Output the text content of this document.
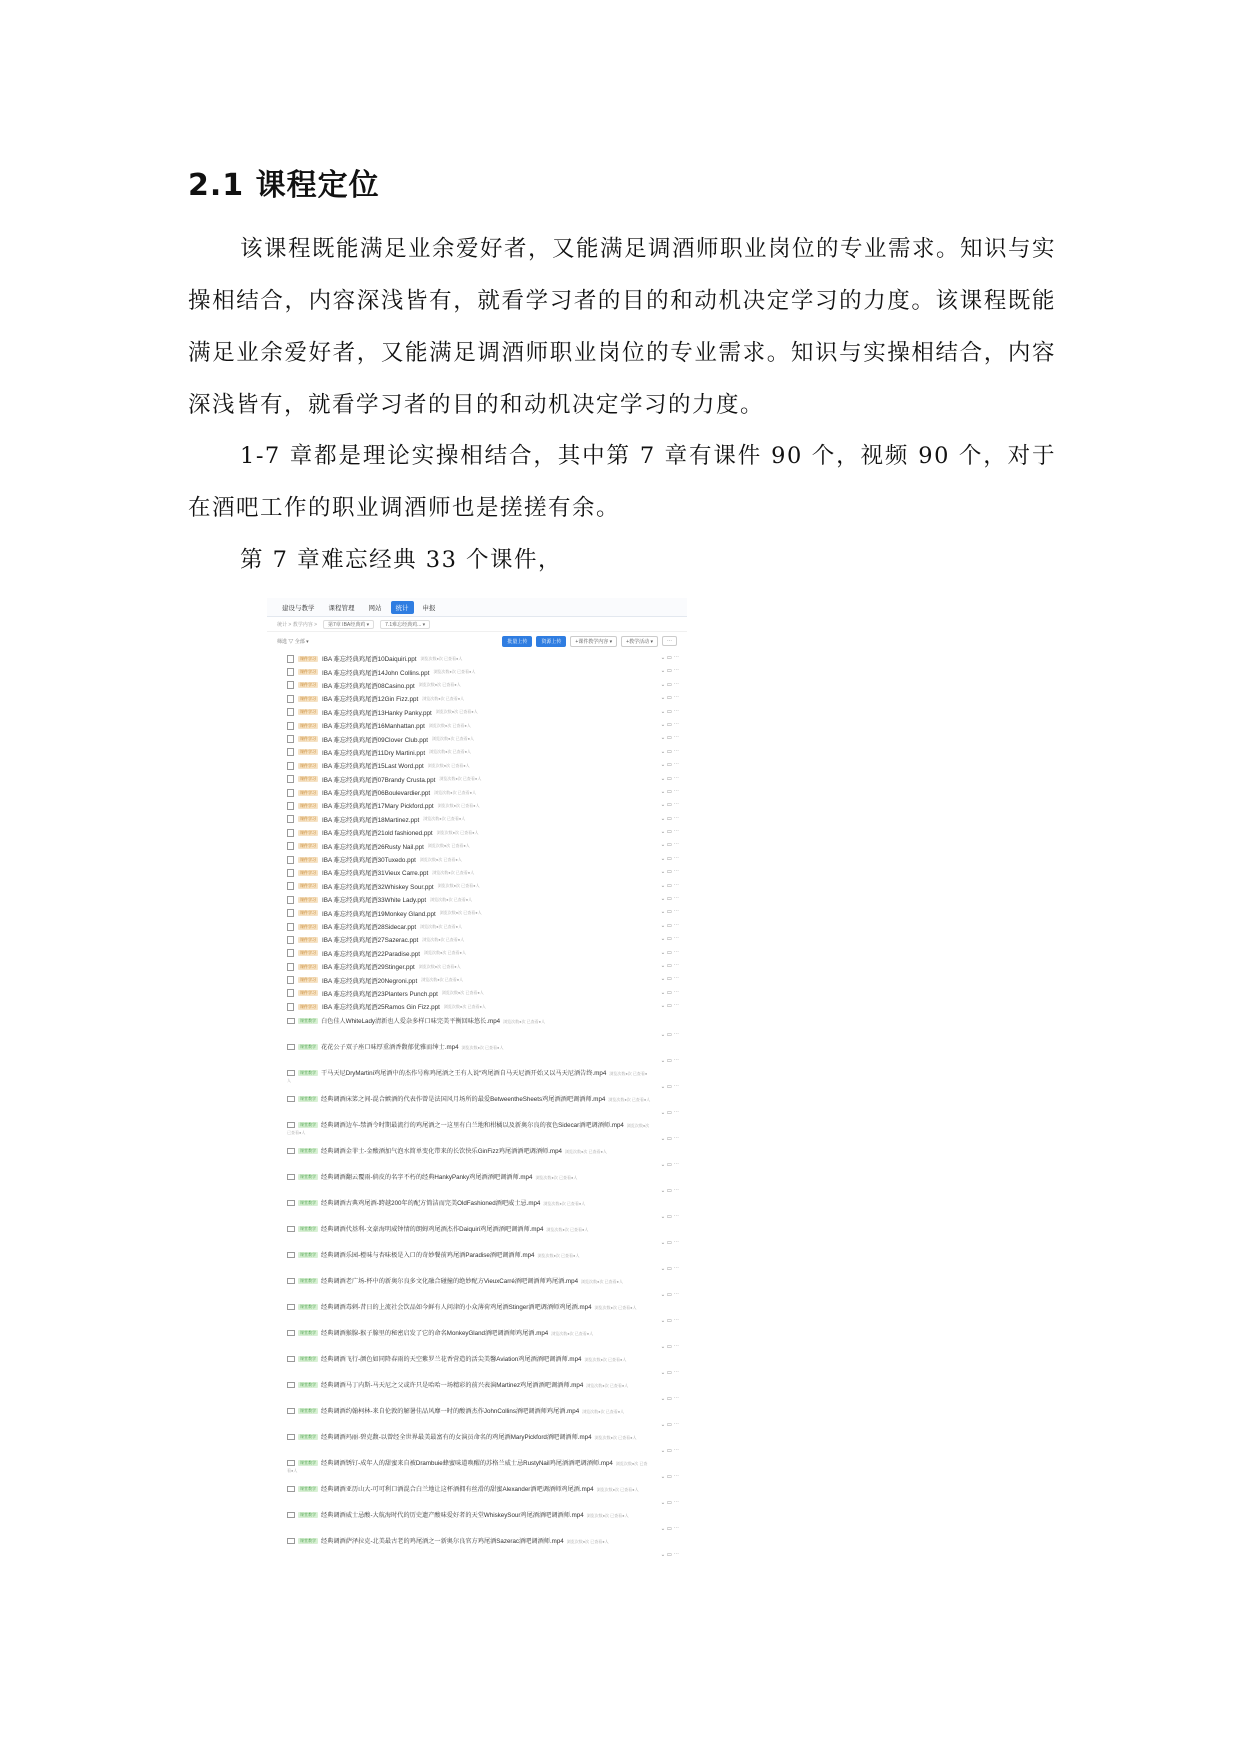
2.1 课程定位

该课程既能满足业余爱好者，又能满足调酒师职业岗位的专业需求。知识与实操相结合，内容深浅皆有，就看学习者的目的和动机决定学习的力度。该课程既能满足业余爱好者，又能满足调酒师职业岗位的专业需求。知识与实操相结合，内容深浅皆有，就看学习者的目的和动机决定学习的力度。

1-7 章都是理论实操相结合，其中第 7 章有课件 90 个，视频 90 个，对于在酒吧工作的职业调酒师也是搓搓有余。

第 7 章难忘经典 33 个课件，

建设与教学	课程管理	网站	统计	申报
统计 > 教学内容 >	第7章 IBA经典鸡 ▾	7.1难忘经典鸡... ▾
筛选 ▽ 全部 ▾	批量上传	资源上传	+课件教学内容 ▾	+教学活动 ▾	⋯
课件学习 IBA 难忘经典鸡尾酒10Daiquiri.ppt 浏览次数●次 已查看●人	⌄ ▭ ⋯
课件学习 IBA 难忘经典鸡尾酒14John Collins.ppt 浏览次数●次 已查看●人	⌄ ▭ ⋯
课件学习 IBA 难忘经典鸡尾酒08Casino.ppt 浏览次数●次 已查看●人	⌄ ▭ ⋯
课件学习 IBA 难忘经典鸡尾酒12Gin Fizz.ppt 浏览次数●次 已查看●人	⌄ ▭ ⋯
课件学习 IBA 难忘经典鸡尾酒13Hanky Panky.ppt 浏览次数●次 已查看●人	⌄ ▭ ⋯
课件学习 IBA 难忘经典鸡尾酒16Manhattan.ppt 浏览次数●次 已查看●人	⌄ ▭ ⋯
课件学习 IBA 难忘经典鸡尾酒09Clover Club.ppt 浏览次数●次 已查看●人	⌄ ▭ ⋯
课件学习 IBA 难忘经典鸡尾酒11Dry Martini.ppt 浏览次数●次 已查看●人	⌄ ▭ ⋯
课件学习 IBA 难忘经典鸡尾酒15Last Word.ppt 浏览次数●次 已查看●人	⌄ ▭ ⋯
课件学习 IBA 难忘经典鸡尾酒07Brandy Crusta.ppt 浏览次数●次 已查看●人	⌄ ▭ ⋯
课件学习 IBA 难忘经典鸡尾酒06Boulevardier.ppt 浏览次数●次 已查看●人	⌄ ▭ ⋯
课件学习 IBA 难忘经典鸡尾酒17Mary Pickford.ppt 浏览次数●次 已查看●人	⌄ ▭ ⋯
课件学习 IBA 难忘经典鸡尾酒18Martinez.ppt 浏览次数●次 已查看●人	⌄ ▭ ⋯
课件学习 IBA 难忘经典鸡尾酒21old fashioned.ppt 浏览次数●次 已查看●人	⌄ ▭ ⋯
课件学习 IBA 难忘经典鸡尾酒26Rusty Nail.ppt 浏览次数●次 已查看●人	⌄ ▭ ⋯
课件学习 IBA 难忘经典鸡尾酒30Tuxedo.ppt 浏览次数●次 已查看●人	⌄ ▭ ⋯
课件学习 IBA 难忘经典鸡尾酒31Vieux Carre.ppt 浏览次数●次 已查看●人	⌄ ▭ ⋯
课件学习 IBA 难忘经典鸡尾酒32Whiskey Sour.ppt 浏览次数●次 已查看●人	⌄ ▭ ⋯
课件学习 IBA 难忘经典鸡尾酒33White Lady.ppt 浏览次数●次 已查看●人	⌄ ▭ ⋯
课件学习 IBA 难忘经典鸡尾酒19Monkey Gland.ppt 浏览次数●次 已查看●人	⌄ ▭ ⋯
课件学习 IBA 难忘经典鸡尾酒28Sidecar.ppt 浏览次数●次 已查看●人	⌄ ▭ ⋯
课件学习 IBA 难忘经典鸡尾酒27Sazerac.ppt 浏览次数●次 已查看●人	⌄ ▭ ⋯
课件学习 IBA 难忘经典鸡尾酒22Paradise.ppt 浏览次数●次 已查看●人	⌄ ▭ ⋯
课件学习 IBA 难忘经典鸡尾酒29Stinger.ppt 浏览次数●次 已查看●人	⌄ ▭ ⋯
课件学习 IBA 难忘经典鸡尾酒20Negroni.ppt 浏览次数●次 已查看●人	⌄ ▭ ⋯
课件学习 IBA 难忘经典鸡尾酒23Planters Punch.ppt 浏览次数●次 已查看●人	⌄ ▭ ⋯
课件学习 IBA 难忘经典鸡尾酒25Ramos Gin Fizz.ppt 浏览次数●次 已查看●人	⌄ ▭ ⋯
课堂教学 白色佳人WhiteLady清新也人爱杂多样口味完美平衡回味悠长.mp4 浏览次数●次 已查看●人
⌄ ▭ ⋯
课堂教学 花花公子双子座口味厚重酒香馥郁优雅而绅士.mp4 浏览次数●次 已查看●人
⌄ ▭ ⋯
课堂教学 干马天尼DryMartini鸡尾酒中的杰作号称鸡尾酒之王有人说“鸡尾酒自马天尼酒开始又以马天尼酒告终.mp4 浏览次数●次 已查看●人
⌄ ▭ ⋯
课堂教学 经典调酒床笫之间-混合嫉酒的代表作曾是法国风月场所的最爱BetweentheSheets鸡尾酒酒吧调酒师.mp4 浏览次数●次 已查看●人
⌄ ▭ ⋯
课堂教学 经典调酒边车-禁酒令时期最流行的鸡尾酒之一这里有白兰地和柑橘以及新奥尔良的夜色Sidecar酒吧调酒师.mp4 浏览次数●次 已查看●人
⌄ ▭ ⋯
课堂教学 经典调酒金菲士-金酸酒加气泡水简单变化带来的长饮快乐GinFizz鸡尾酒酒吧调酒师.mp4 浏览次数●次 已查看●人
⌄ ▭ ⋯
课堂教学 经典调酒翻云覆雨-倘皮的名字不朽的经典HankyPanky鸡尾酒酒吧调酒师.mp4 浏览次数●次 已查看●人
⌄ ▭ ⋯
课堂教学 经典调酒古典鸡尾酒-跨越200年的配方简洁而完美OldFashioned酒吧威士忌.mp4 浏览次数●次 已查看●人
⌄ ▭ ⋯
课堂教学 经典调酒代基利-文豪海明威钟情的朗姆鸡尾酒杰作Daiquiri鸡尾酒酒吧调酒师.mp4 浏览次数●次 已查看●人
⌄ ▭ ⋯
课堂教学 经典调酒乐园-橙味与杏味极是入口的奇妙餐前鸡尾酒Paradise酒吧调酒师.mp4 浏览次数●次 已查看●人
⌄ ▭ ⋯
课堂教学 经典调酒老广场-杯中的新奥尔良多文化融合碰撞的绝妙配方VieuxCarré酒吧调酒师鸡尾酒.mp4 浏览次数●次 已查看●人
⌄ ▭ ⋯
课堂教学 经典调酒毒刺-昔日的上流社会饮品如今鲜有人问津的小众薄荷鸡尾酒Stinger酒吧调酒师鸡尾酒.mp4 浏览次数●次 已查看●人
⌄ ▭ ⋯
课堂教学 经典调酒猴腺-猴子腺里的秘密启发了它的命名MonkeyGland酒吧调酒师鸡尾酒.mp4 浏览次数●次 已查看●人
⌄ ▭ ⋯
课堂教学 经典调酒飞行-颜色如同降春雨的天空紫罗兰花香营造的活尖美馨Aviation鸡尾酒酒吧调酒师.mp4 浏览次数●次 已查看●人
⌄ ▭ ⋯
课堂教学 经典调酒马丁内斯-马天尼之父或许只是哈哈一场精彩的前兴表演Martinez鸡尾酒酒吧调酒师.mp4 浏览次数●次 已查看●人
⌄ ▭ ⋯
课堂教学 经典调酒约翰柯林-来自伦敦的解暑佳品风靡一时的酸酒杰作JohnCollins酒吧调酒师鸡尾酒.mp4 浏览次数●次 已查看●人
⌄ ▭ ⋯
课堂教学 经典调酒玛丽·碧克馥-以曾经全世界最美最富有的女演员命名的鸡尾酒MaryPickford酒吧调酒师.mp4 浏览次数●次 已查看●人
⌄ ▭ ⋯
课堂教学 经典调酒锈钉-成年人的甜蜜来自被Drambuie蜂蜜味道唤醒的苏格兰威士忌RustyNail鸡尾酒酒吧调酒师.mp4 浏览次数●次 已查看●人
⌄ ▭ ⋯
课堂教学 经典调酒亚历山大-可可利口酒混合白兰地让这杯酒拥有丝滑的甜蜜Alexander酒吧调酒师鸡尾酒.mp4 浏览次数●次 已查看●人
⌄ ▭ ⋯
课堂教学 经典调酒威士忌酸-大航海时代的历史遗产酸味爱好者的天堂WhiskeySour鸡尾酒酒吧调酒师.mp4 浏览次数●次 已查看●人
⌄ ▭ ⋯
课堂教学 经典调酒萨泽拉克-北美最古老的鸡尾酒之一新奥尔良官方鸡尾酒Sazerac酒吧调酒师.mp4 浏览次数●次 已查看●人
⌄ ▭ ⋯
